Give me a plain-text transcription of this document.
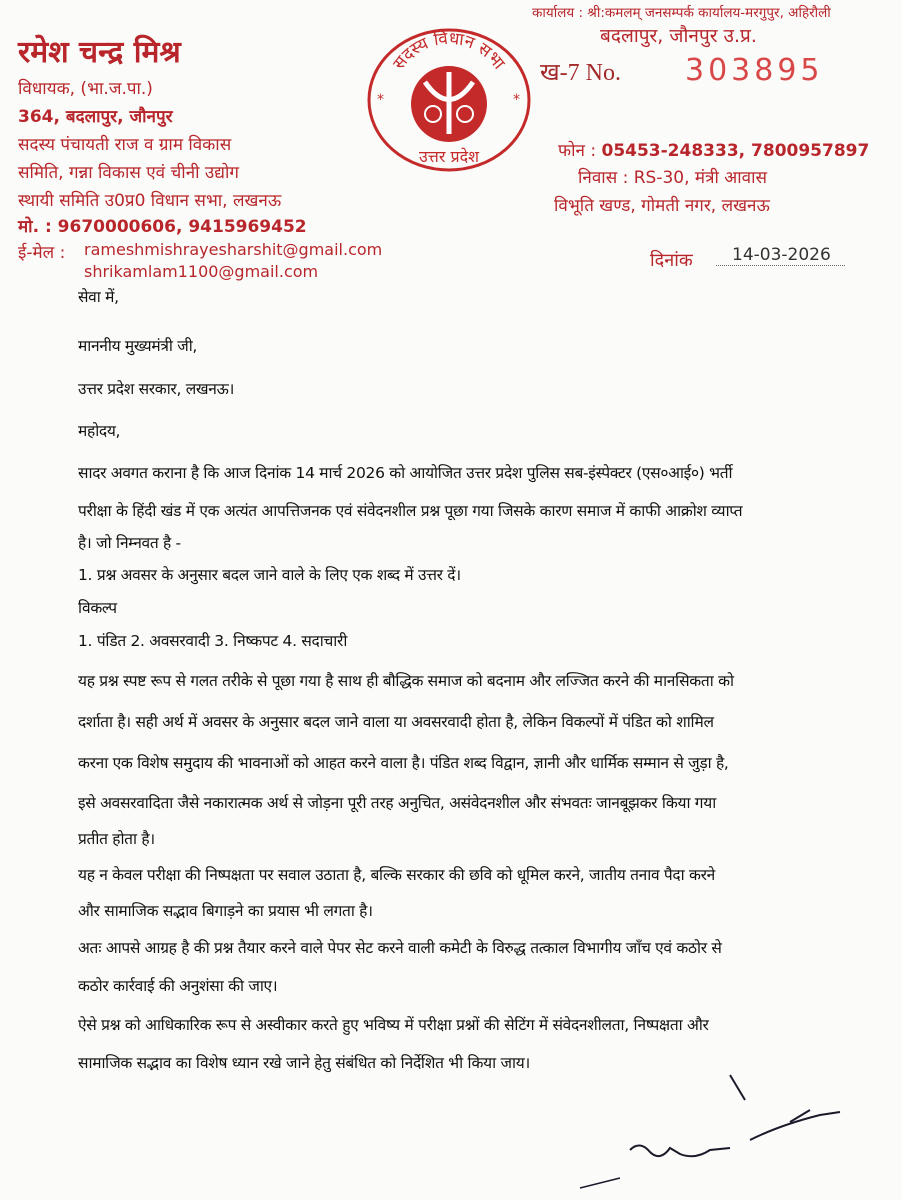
रमेश चन्द्र मिश्र
विधायक, (भा.ज.पा.)
364, बदलापुर, जौनपुर
सदस्य पंचायती राज व ग्राम विकास
समिति, गन्ना विकास एवं चीनी उद्योग
स्थायी समिति उ0प्र0 विधान सभा, लखनऊ
मो. : 9670000606, 9415969452
ई-मेल : rameshmishrayesharshit@gmail.com
shrikamlam1100@gmail.com
सदस्य विधान सभा
उत्तर प्रदेश
*	*
कार्यालय : श्री:कमलम् जनसम्पर्क कार्यालय-मरगुपुर, अहिरौली
बदलापुर, जौनपुर उ.प्र.
ख-7 No. 303895
फोन : 05453-248333, 7800957897
निवास : RS-30, मंत्री आवास
विभूति खण्ड, गोमती नगर, लखनऊ
दिनांक	14-03-2026
सेवा में,
माननीय मुख्यमंत्री जी,
उत्तर प्रदेश सरकार, लखनऊ।
महोदय,
सादर अवगत कराना है कि आज दिनांक 14 मार्च 2026 को आयोजित उत्तर प्रदेश पुलिस सब-इंस्पेक्टर (एस०आई०) भर्ती
परीक्षा के हिंदी खंड में एक अत्यंत आपत्तिजनक एवं संवेदनशील प्रश्न पूछा गया जिसके कारण समाज में काफी आक्रोश व्याप्त
है। जो निम्नवत है -
1. प्रश्न अवसर के अनुसार बदल जाने वाले के लिए एक शब्द में उत्तर दें।
विकल्प
1. पंडित 2. अवसरवादी 3. निष्कपट 4. सदाचारी
यह प्रश्न स्पष्ट रूप से गलत तरीके से पूछा गया है साथ ही बौद्धिक समाज को बदनाम और लज्जित करने की मानसिकता को
दर्शाता है। सही अर्थ में अवसर के अनुसार बदल जाने वाला या अवसरवादी होता है, लेकिन विकल्पों में पंडित को शामिल
करना एक विशेष समुदाय की भावनाओं को आहत करने वाला है। पंडित शब्द विद्वान, ज्ञानी और धार्मिक सम्मान से जुड़ा है,
इसे अवसरवादिता जैसे नकारात्मक अर्थ से जोड़ना पूरी तरह अनुचित, असंवेदनशील और संभवतः जानबूझकर किया गया
प्रतीत होता है।
यह न केवल परीक्षा की निष्पक्षता पर सवाल उठाता है, बल्कि सरकार की छवि को धूमिल करने, जातीय तनाव पैदा करने
और सामाजिक सद्भाव बिगाड़ने का प्रयास भी लगता है।
अतः आपसे आग्रह है की प्रश्न तैयार करने वाले पेपर सेट करने वाली कमेटी के विरुद्ध तत्काल विभागीय जाँच एवं कठोर से
कठोर कार्रवाई की अनुशंसा की जाए।
ऐसे प्रश्न को आधिकारिक रूप से अस्वीकार करते हुए भविष्य में परीक्षा प्रश्नों की सेटिंग में संवेदनशीलता, निष्पक्षता और
सामाजिक सद्भाव का विशेष ध्यान रखे जाने हेतु संबंधित को निर्देशित भी किया जाय।
